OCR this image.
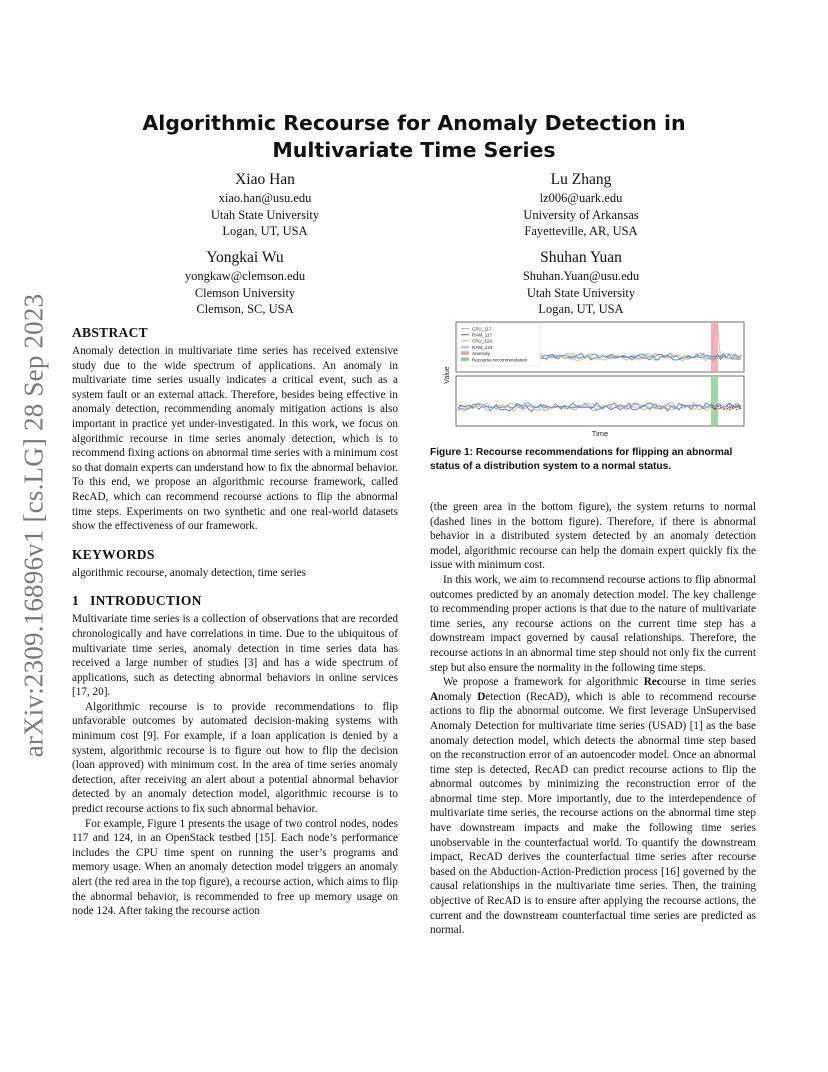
arXiv:2309.16896v1 [cs.LG] 28 Sep 2023
Algorithmic Recourse for Anomaly Detection in Multivariate Time Series
Xiao Han
xiao.han@usu.edu
Utah State University
Logan, UT, USA
Lu Zhang
lz006@uark.edu
University of Arkansas
Fayetteville, AR, USA
Yongkai Wu
yongkaw@clemson.edu
Clemson University
Clemson, SC, USA
Shuhan Yuan
Shuhan.Yuan@usu.edu
Utah State University
Logan, UT, USA
ABSTRACT

Anomaly detection in multivariate time series has received extensive study due to the wide spectrum of applications. An anomaly in multivariate time series usually indicates a critical event, such as a system fault or an external attack. Therefore, besides being effective in anomaly detection, recommending anomaly mitigation actions is also important in practice yet under-investigated. In this work, we focus on algorithmic recourse in time series anomaly detection, which is to recommend fixing actions on abnormal time series with a minimum cost so that domain experts can understand how to fix the abnormal behavior. To this end, we propose an algorithmic recourse framework, called RecAD, which can recommend recourse actions to flip the abnormal time steps. Experiments on two synthetic and one real-world datasets show the effectiveness of our framework.

KEYWORDS

algorithmic recourse, anomaly detection, time series

1   INTRODUCTION

Multivariate time series is a collection of observations that are recorded chronologically and have correlations in time. Due to the ubiquitous of multivariate time series, anomaly detection in time series data has received a large number of studies [3] and has a wide spectrum of applications, such as detecting abnormal behaviors in online services [17, 20].

Algorithmic recourse is to provide recommendations to flip unfavorable outcomes by automated decision-making systems with minimum cost [9]. For example, if a loan application is denied by a system, algorithmic recourse is to figure out how to flip the decision (loan approved) with minimum cost. In the area of time series anomaly detection, after receiving an alert about a potential abnormal behavior detected by an anomaly detection model, algorithmic recourse is to predict recourse actions to fix such abnormal behavior.

For example, Figure 1 presents the usage of two control nodes, nodes 117 and 124, in an OpenStack testbed [15]. Each node’s performance includes the CPU time spent on running the user’s programs and memory usage. When an anomaly detection model triggers an anomaly alert (the red area in the top figure), a recourse action, which aims to flip the abnormal behavior, is recommended to free up memory usage on node 124. After taking the recourse action

CPU_117
RAM_117
CPU_124
RAM_124
Anomaly
Recourse recommendation
Value
Time

Figure 1: Recourse recommendations for flipping an abnormal status of a distribution system to a normal status.

(the green area in the bottom figure), the system returns to normal (dashed lines in the bottom figure). Therefore, if there is abnormal behavior in a distributed system detected by an anomaly detection model, algorithmic recourse can help the domain expert quickly fix the issue with minimum cost.

In this work, we aim to recommend recourse actions to flip abnormal outcomes predicted by an anomaly detection model. The key challenge to recommending proper actions is that due to the nature of multivariate time series, any recourse actions on the current time step has a downstream impact governed by causal relationships. Therefore, the recourse actions in an abnormal time step should not only fix the current step but also ensure the normality in the following time steps.

We propose a framework for algorithmic Recourse in time series Anomaly Detection (RecAD), which is able to recommend recourse actions to flip the abnormal outcome. We first leverage UnSupervised Anomaly Detection for multivariate time series (USAD) [1] as the base anomaly detection model, which detects the abnormal time step based on the reconstruction error of an autoencoder model. Once an abnormal time step is detected, RecAD can predict recourse actions to flip the abnormal outcomes by minimizing the reconstruction error of the abnormal time step. More importantly, due to the interdependence of multivariate time series, the recourse actions on the abnormal time step have downstream impacts and make the following time series unobservable in the counterfactual world. To quantify the downstream impact, RecAD derives the counterfactual time series after recourse based on the Abduction-Action-Prediction process [16] governed by the causal relationships in the multivariate time series. Then, the training objective of RecAD is to ensure after applying the recourse actions, the current and the downstream counterfactual time series are predicted as normal.
